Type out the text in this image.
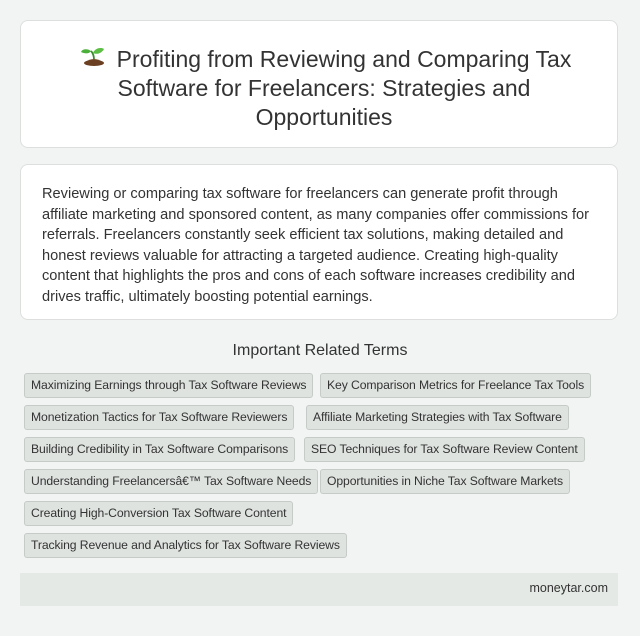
Profiting from Reviewing and Comparing Tax Software for Freelancers: Strategies and Opportunities
Reviewing or comparing tax software for freelancers can generate profit through affiliate marketing and sponsored content, as many companies offer commissions for referrals. Freelancers constantly seek efficient tax solutions, making detailed and honest reviews valuable for attracting a targeted audience. Creating high-quality content that highlights the pros and cons of each software increases credibility and drives traffic, ultimately boosting potential earnings.
Important Related Terms
Maximizing Earnings through Tax Software Reviews	Key Comparison Metrics for Freelance Tax Tools
Monetization Tactics for Tax Software Reviewers	Affiliate Marketing Strategies with Tax Software
Building Credibility in Tax Software Comparisons	SEO Techniques for Tax Software Review Content
Understanding Freelancersâ€™ Tax Software Needs	Opportunities in Niche Tax Software Markets
Creating High-Conversion Tax Software Content
Tracking Revenue and Analytics for Tax Software Reviews
moneytar.com
